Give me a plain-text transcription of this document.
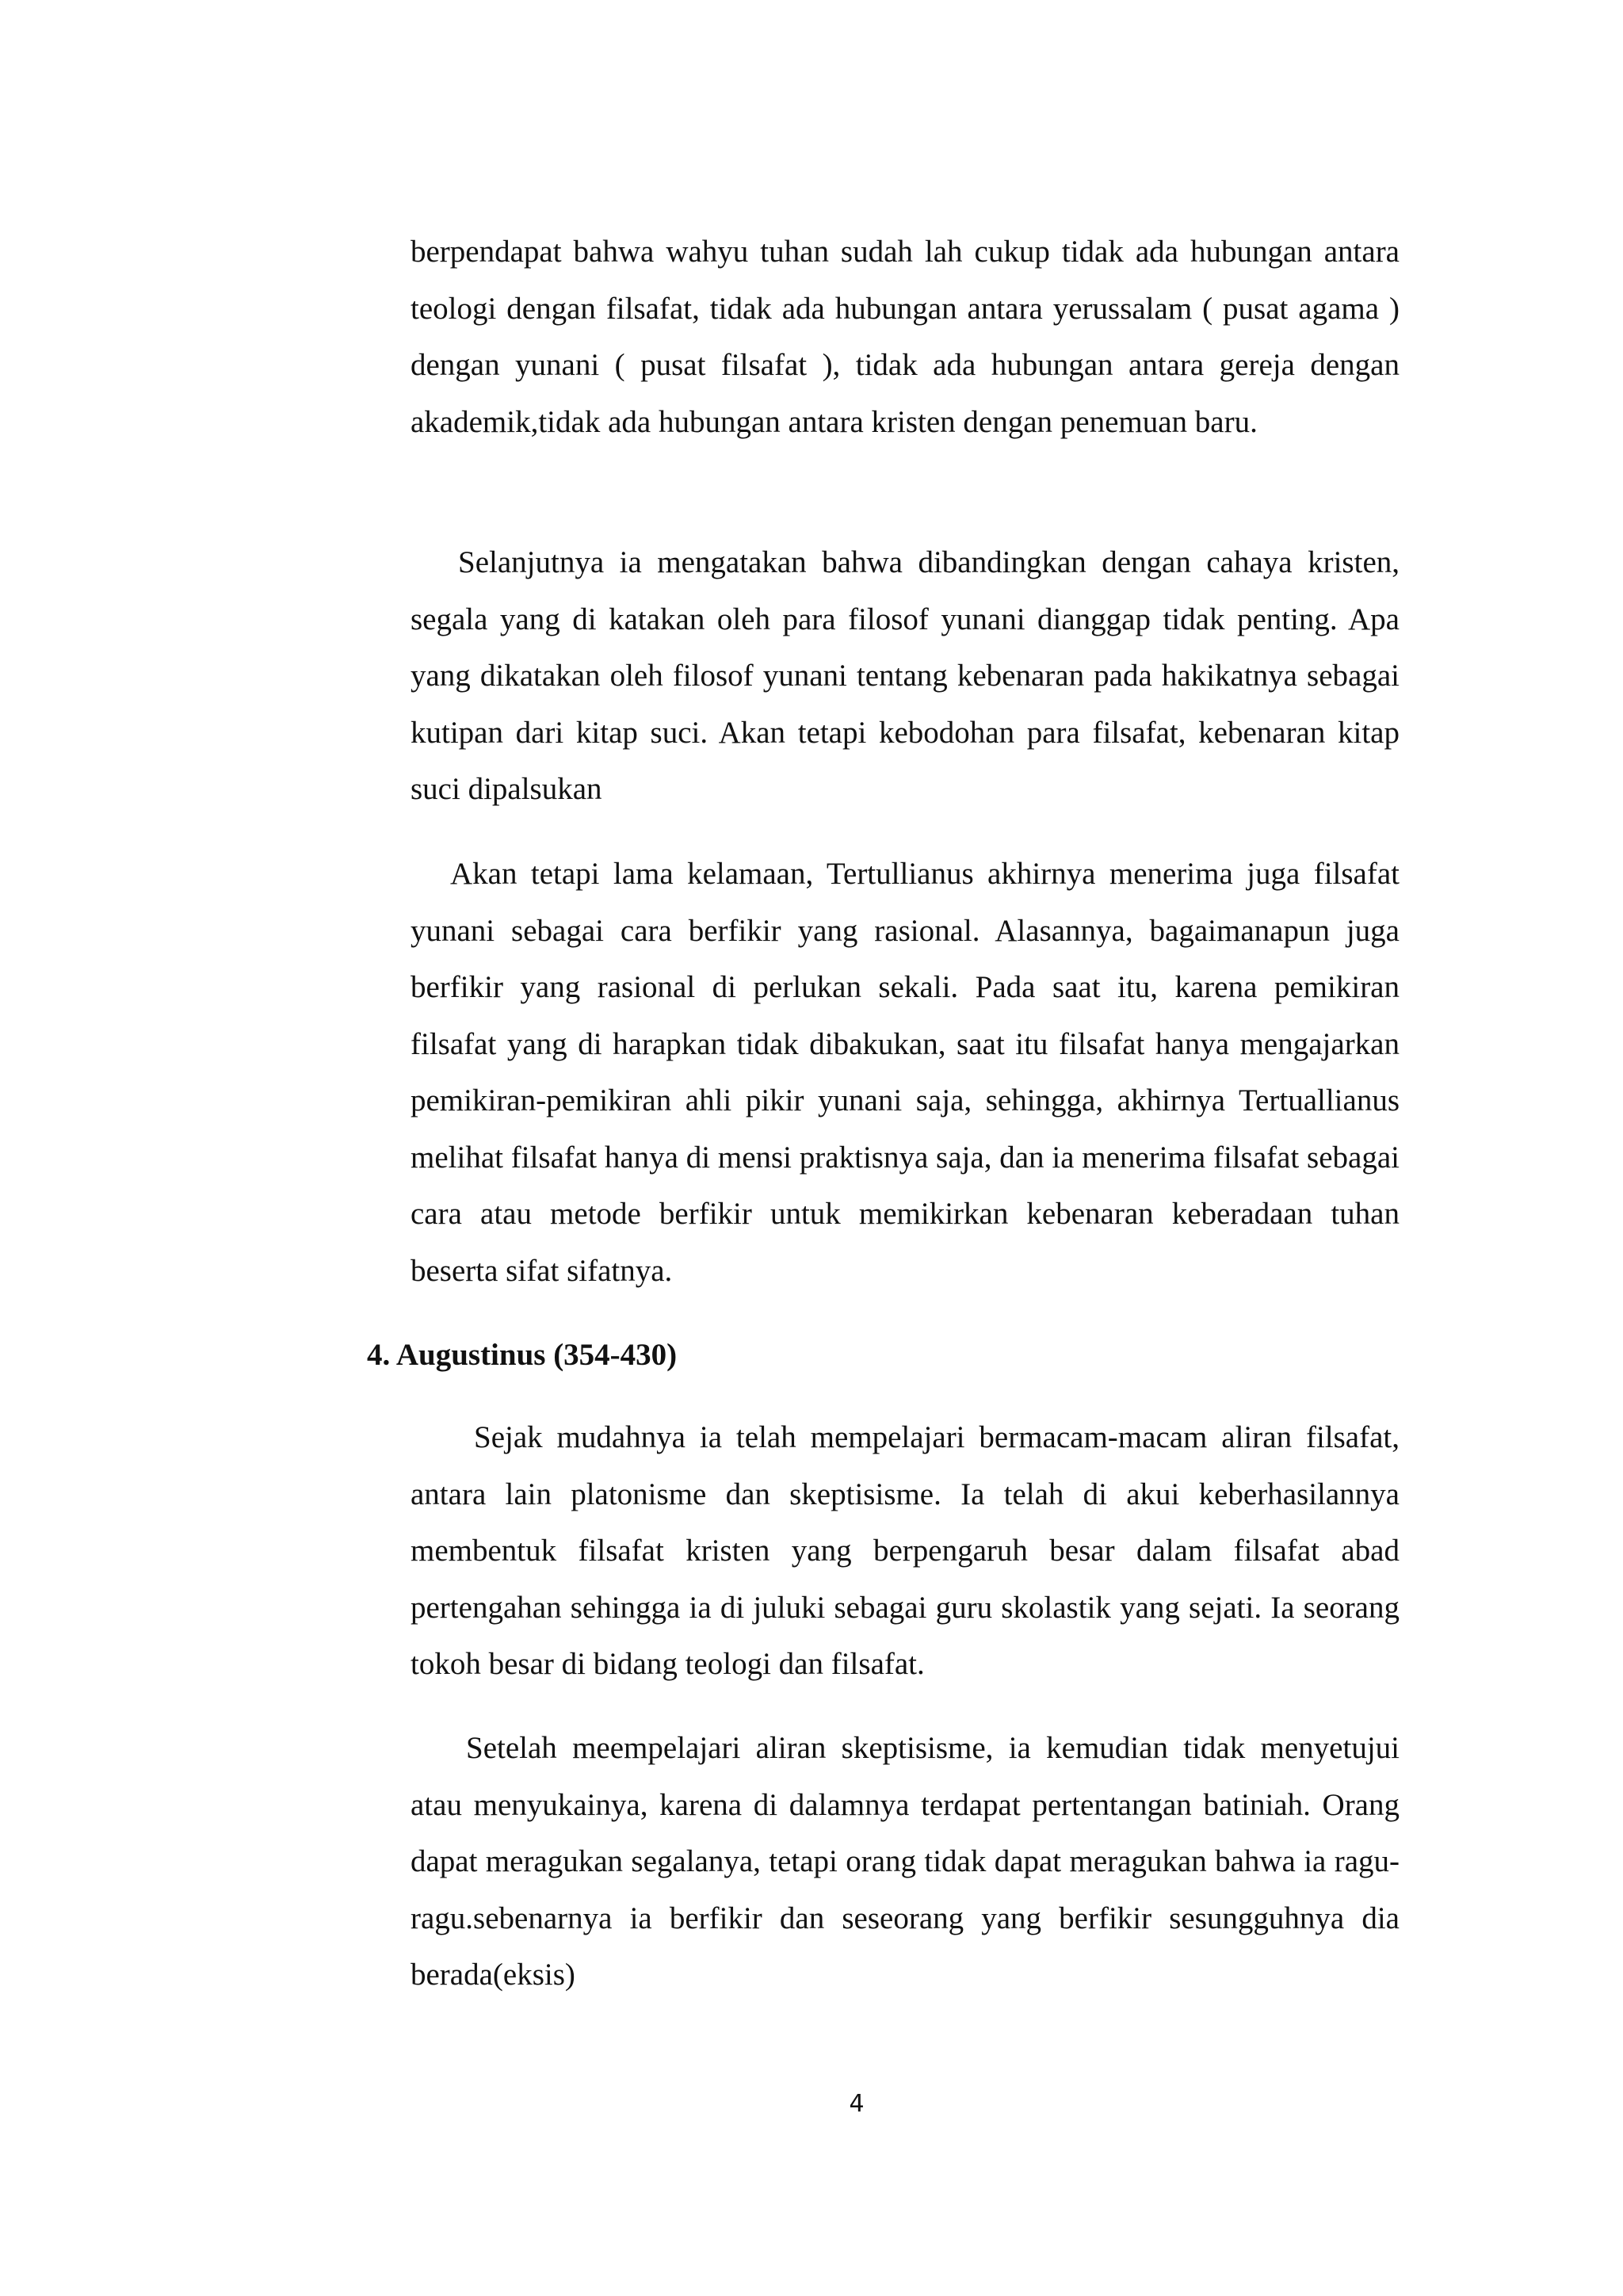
berpendapat bahwa wahyu tuhan sudah lah cukup tidak ada hubungan antara teologi dengan filsafat, tidak ada hubungan antara yerussalam ( pusat agama ) dengan yunani ( pusat filsafat ), tidak ada hubungan antara gereja dengan akademik,tidak ada hubungan antara kristen dengan penemuan baru.

Selanjutnya ia mengatakan bahwa dibandingkan dengan cahaya kristen, segala yang di katakan oleh para filosof yunani dianggap tidak penting. Apa yang dikatakan oleh filosof yunani tentang kebenaran pada hakikatnya sebagai kutipan dari kitap suci. Akan tetapi kebodohan para filsafat, kebenaran kitap suci dipalsukan

Akan tetapi lama kelamaan, Tertullianus akhirnya menerima juga filsafat yunani sebagai cara berfikir yang rasional. Alasannya, bagaimanapun juga berfikir yang rasional di perlukan sekali. Pada saat itu, karena pemikiran filsafat yang di harapkan tidak dibakukan, saat itu filsafat hanya mengajarkan pemikiran-pemikiran ahli pikir yunani saja, sehingga, akhirnya Tertuallianus melihat filsafat hanya di mensi praktisnya saja, dan ia menerima filsafat sebagai cara atau metode berfikir untuk memikirkan kebenaran keberadaan tuhan beserta sifat sifatnya.

4. Augustinus (354-430)

Sejak mudahnya ia telah mempelajari bermacam-macam aliran filsafat, antara lain platonisme dan skeptisisme. Ia telah di akui keberhasilannya membentuk filsafat kristen yang berpengaruh besar dalam filsafat abad pertengahan sehingga ia di juluki sebagai guru skolastik yang sejati. Ia seorang tokoh besar di bidang teologi dan filsafat.

Setelah meempelajari aliran skeptisisme, ia kemudian tidak menyetujui atau menyukainya, karena di dalamnya terdapat pertentangan batiniah. Orang dapat meragukan segalanya, tetapi orang tidak dapat meragukan bahwa ia ragu-ragu.sebenarnya ia berfikir dan seseorang yang berfikir sesungguhnya dia berada(eksis)

4
